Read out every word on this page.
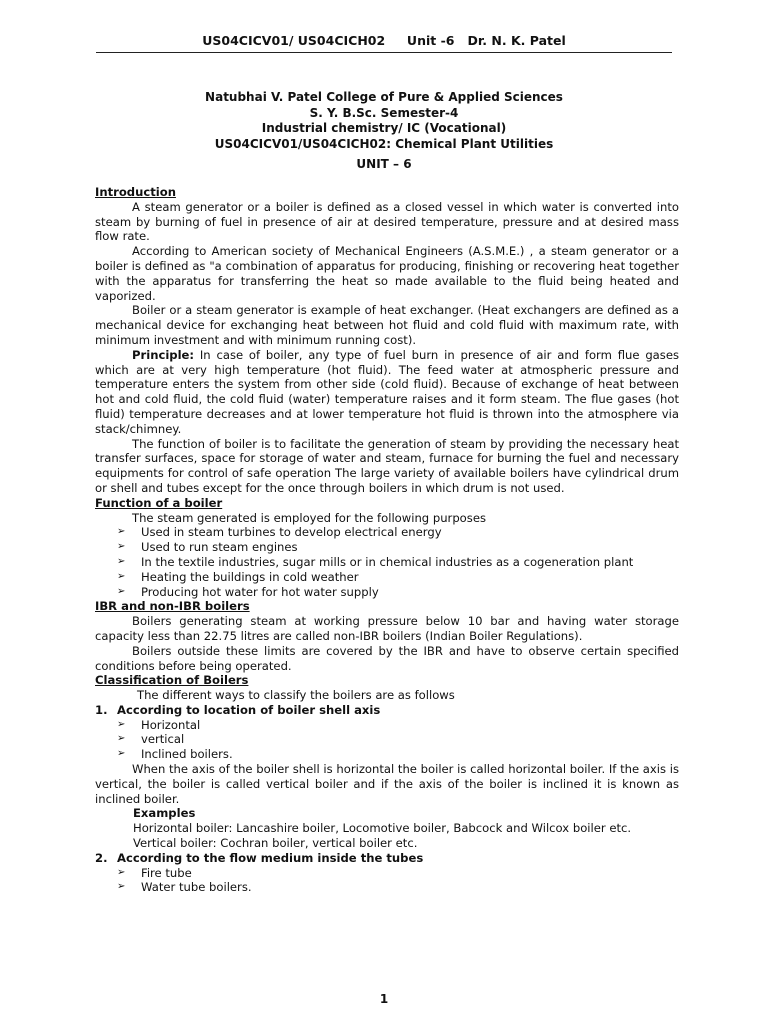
US04CICV01/ US04CICH02     Unit -6   Dr. N. K. Patel
Natubhai V. Patel College of Pure & Applied Sciences
S. Y. B.Sc. Semester-4
Industrial chemistry/ IC (Vocational)
US04CICV01/US04CICH02: Chemical Plant Utilities
UNIT – 6
Introduction

A steam generator or a boiler is defined as a closed vessel in which water is converted into steam by burning of fuel in presence of air at desired temperature, pressure and at desired mass flow rate.

According to American society of Mechanical Engineers (A.S.M.E.) , a steam generator or a boiler is defined as "a combination of apparatus for producing, finishing or recovering heat together with the apparatus for transferring the heat so made available to the fluid being heated and vaporized.

Boiler or a steam generator is example of heat exchanger. (Heat exchangers are defined as a mechanical device for exchanging heat between hot fluid and cold fluid with maximum rate, with minimum investment and with minimum running cost).

Principle: In case of boiler, any type of fuel burn in presence of air and form flue gases which are at very high temperature (hot fluid). The feed water at atmospheric pressure and temperature enters the system from other side (cold fluid). Because of exchange of heat between hot and cold fluid, the cold fluid (water) temperature raises and it form steam. The flue gases (hot fluid) temperature decreases and at lower temperature hot fluid is thrown into the atmosphere via stack/chimney.

The function of boiler is to facilitate the generation of steam by providing the necessary heat transfer surfaces, space for storage of water and steam, furnace for burning the fuel and necessary equipments for control of safe operation The large variety of available boilers have cylindrical drum or shell and tubes except for the once through boilers in which drum is not used.

Function of a boiler

The steam generated is employed for the following purposes

➢ Used in steam turbines to develop electrical energy
➢ Used to run steam engines
➢ In the textile industries, sugar mills or in chemical industries as a cogeneration plant
➢ Heating the buildings in cold weather
➢ Producing hot water for hot water supply
IBR and non-IBR boilers

Boilers generating steam at working pressure below 10 bar and having water storage capacity less than 22.75 litres are called non-IBR boilers (Indian Boiler Regulations).

Boilers outside these limits are covered by the IBR and have to observe certain specified conditions before being operated.

Classification of Boilers

The different ways to classify the boilers are as follows

1. According to location of boiler shell axis
➢ Horizontal
➢ vertical
➢ Inclined boilers.

When the axis of the boiler shell is horizontal the boiler is called horizontal boiler. If the axis is vertical, the boiler is called vertical boiler and if the axis of the boiler is inclined it is known as inclined boiler.

Examples
Horizontal boiler: Lancashire boiler, Locomotive boiler, Babcock and Wilcox boiler etc.
Vertical boiler: Cochran boiler, vertical boiler etc.
2. According to the flow medium inside the tubes
➢ Fire tube
➢ Water tube boilers.
1
